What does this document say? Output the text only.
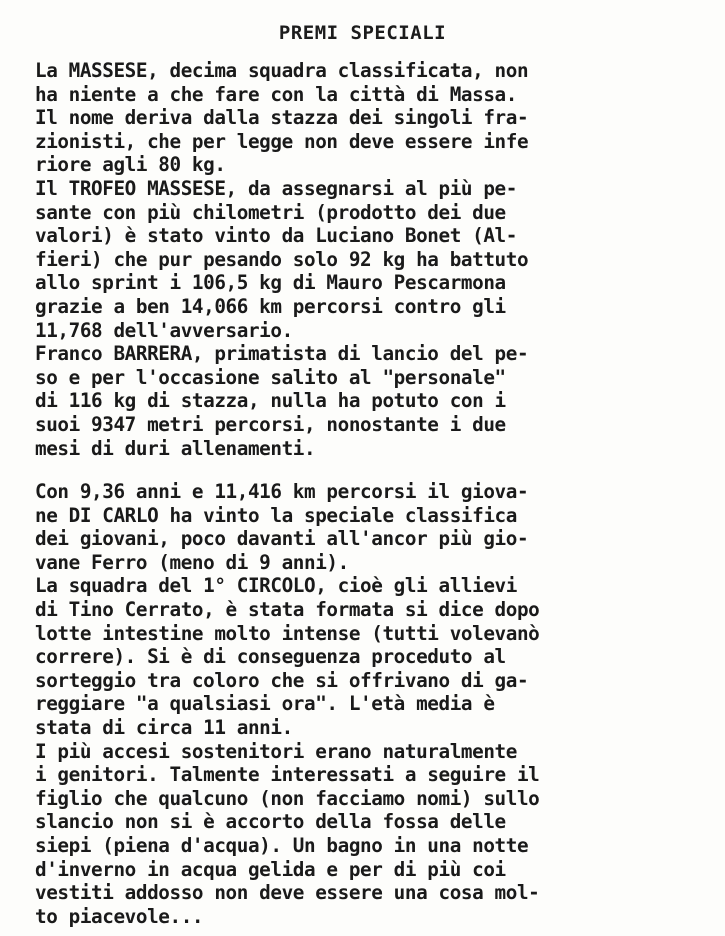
PREMI SPECIALI
La MASSESE, decima squadra classificata, non
ha niente a che fare con la città di Massa.
Il nome deriva dalla stazza dei singoli fra-
zionisti, che per legge non deve essere infe
riore agli 80 kg.
Il TROFEO MASSESE, da assegnarsi al più pe-
sante con più chilometri (prodotto dei due
valori) è stato vinto da Luciano Bonet (Al-
fieri) che pur pesando solo 92 kg ha battuto
allo sprint i 106,5 kg di Mauro Pescarmona
grazie a ben 14,066 km percorsi contro gli
11,768 dell'avversario.
Franco BARRERA, primatista di lancio del pe-
so e per l'occasione salito al "personale"
di 116 kg di stazza, nulla ha potuto con i
suoi 9347 metri percorsi, nonostante i due
mesi di duri allenamenti.
Con 9,36 anni e 11,416 km percorsi il giova-
ne DI CARLO ha vinto la speciale classifica
dei giovani, poco davanti all'ancor più gio-
vane Ferro (meno di 9 anni).
La squadra del 1° CIRCOLO, cioè gli allievi
di Tino Cerrato, è stata formata si dice dopo
lotte intestine molto intense (tutti volevanò
correre). Si è di conseguenza proceduto al
sorteggio tra coloro che si offrivano di ga-
reggiare "a qualsiasi ora". L'età media è
stata di circa 11 anni.
I più accesi sostenitori erano naturalmente
i genitori. Talmente interessati a seguire il
figlio che qualcuno (non facciamo nomi) sullo
slancio non si è accorto della fossa delle
siepi (piena d'acqua). Un bagno in una notte
d'inverno in acqua gelida e per di più coi
vestiti addosso non deve essere una cosa mol-
to piacevole...
